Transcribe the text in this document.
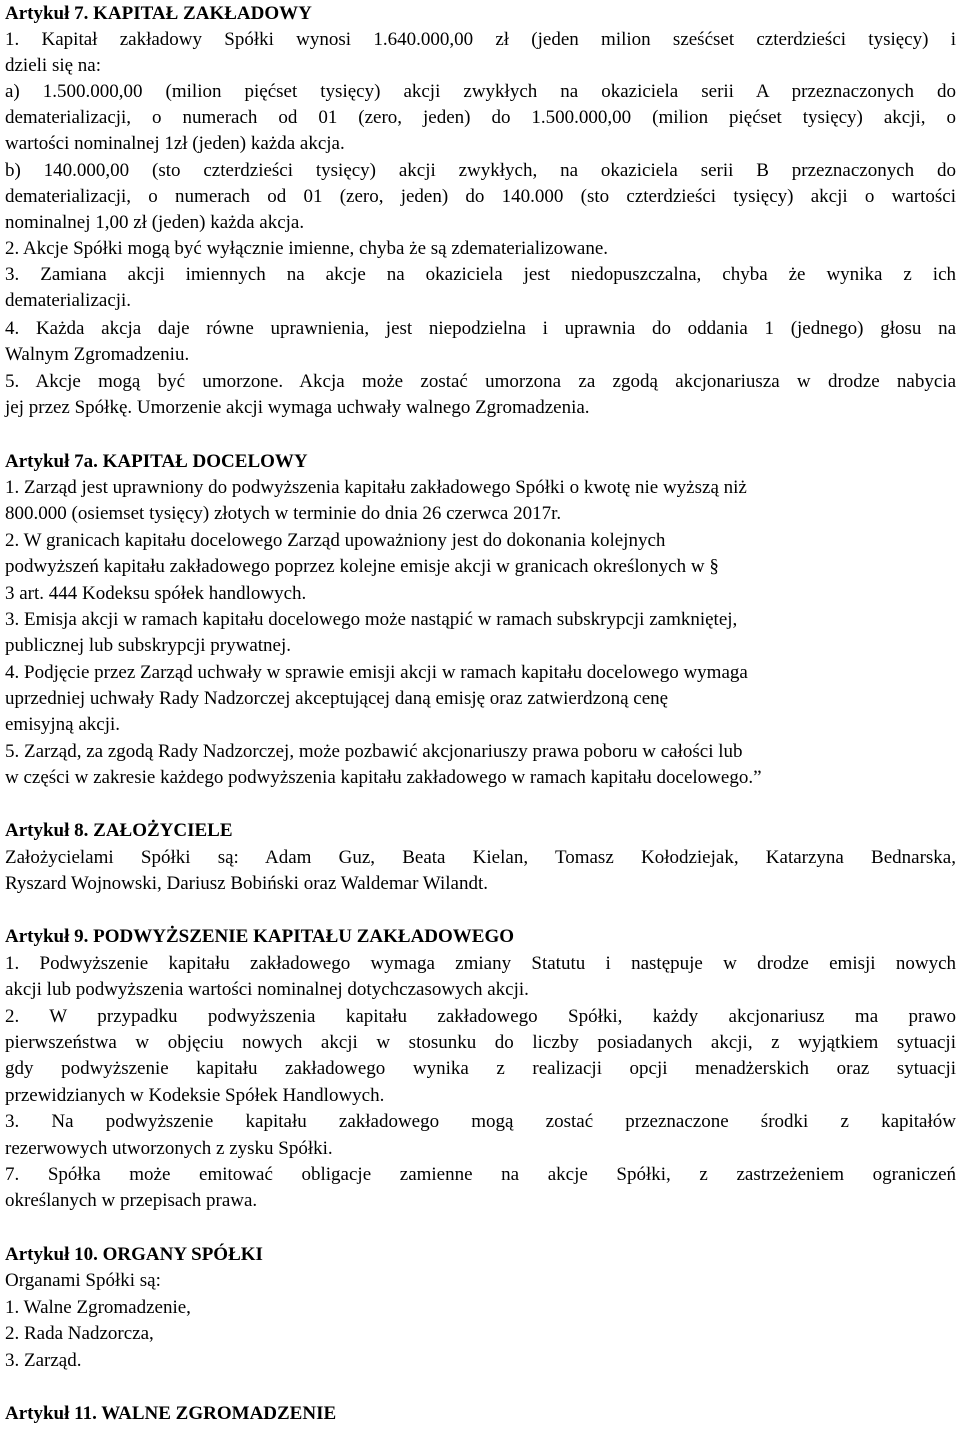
Artykuł 7. KAPITAŁ ZAKŁADOWY
1. Kapitał zakładowy Spółki wynosi 1.640.000,00 zł (jeden milion sześćset czterdzieści tysięcy) i
dzieli się na:
a) 1.500.000,00 (milion pięćset tysięcy) akcji zwykłych na okaziciela serii A przeznaczonych do
dematerializacji, o numerach od 01 (zero, jeden) do 1.500.000,00 (milion pięćset tysięcy) akcji, o
wartości nominalnej 1zł (jeden) każda akcja.
b) 140.000,00 (sto czterdzieści tysięcy) akcji zwykłych, na okaziciela serii B przeznaczonych do
dematerializacji, o numerach od 01 (zero, jeden) do 140.000 (sto czterdzieści tysięcy) akcji o wartości
nominalnej 1,00 zł (jeden) każda akcja.
2. Akcje Spółki mogą być wyłącznie imienne, chyba że są zdematerializowane.
3. Zamiana akcji imiennych na akcje na okaziciela jest niedopuszczalna, chyba że wynika z ich
dematerializacji.
4. Każda akcja daje równe uprawnienia, jest niepodzielna i uprawnia do oddania 1 (jednego) głosu na
Walnym Zgromadzeniu.
5. Akcje mogą być umorzone. Akcja może zostać umorzona za zgodą akcjonariusza w drodze nabycia
jej przez Spółkę. Umorzenie akcji wymaga uchwały walnego Zgromadzenia.
Artykuł 7a. KAPITAŁ DOCELOWY
1. Zarząd jest uprawniony do podwyższenia kapitału zakładowego Spółki o kwotę nie wyższą niż
800.000 (osiemset tysięcy) złotych w terminie do dnia 26 czerwca 2017r.
2. W granicach kapitału docelowego Zarząd upoważniony jest do dokonania kolejnych
podwyższeń kapitału zakładowego poprzez kolejne emisje akcji w granicach określonych w §
3 art. 444 Kodeksu spółek handlowych.
3. Emisja akcji w ramach kapitału docelowego może nastąpić w ramach subskrypcji zamkniętej,
publicznej lub subskrypcji prywatnej.
4. Podjęcie przez Zarząd uchwały w sprawie emisji akcji w ramach kapitału docelowego wymaga
uprzedniej uchwały Rady Nadzorczej akceptującej daną emisję oraz zatwierdzoną cenę
emisyjną akcji.
5. Zarząd, za zgodą Rady Nadzorczej, może pozbawić akcjonariuszy prawa poboru w całości lub
w części w zakresie każdego podwyższenia kapitału zakładowego w ramach kapitału docelowego.”
Artykuł 8. ZAŁOŻYCIELE
Założycielami Spółki są: Adam Guz, Beata Kielan, Tomasz Kołodziejak, Katarzyna Bednarska,
Ryszard Wojnowski, Dariusz Bobiński oraz Waldemar Wilandt.
Artykuł 9. PODWYŻSZENIE KAPITAŁU ZAKŁADOWEGO
1. Podwyższenie kapitału zakładowego wymaga zmiany Statutu i następuje w drodze emisji nowych
akcji lub podwyższenia wartości nominalnej dotychczasowych akcji.
2. W przypadku podwyższenia kapitału zakładowego Spółki, każdy akcjonariusz ma prawo
pierwszeństwa w objęciu nowych akcji w stosunku do liczby posiadanych akcji, z wyjątkiem sytuacji
gdy podwyższenie kapitału zakładowego wynika z realizacji opcji menadżerskich oraz sytuacji
przewidzianych w Kodeksie Spółek Handlowych.
3. Na podwyższenie kapitału zakładowego mogą zostać przeznaczone środki z kapitałów
rezerwowych utworzonych z zysku Spółki.
7. Spółka może emitować obligacje zamienne na akcje Spółki, z zastrzeżeniem ograniczeń
określanych w przepisach prawa.
Artykuł 10. ORGANY SPÓŁKI
Organami Spółki są:
1. Walne Zgromadzenie,
2. Rada Nadzorcza,
3. Zarząd.
Artykuł 11. WALNE ZGROMADZENIE
